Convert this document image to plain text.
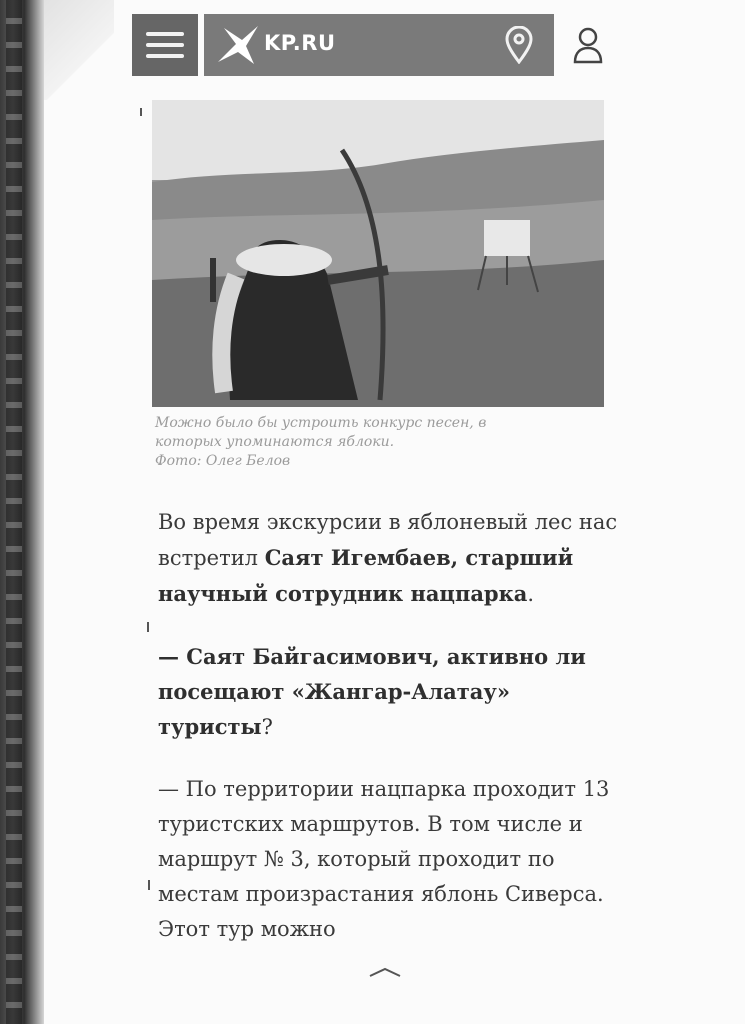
KP.RU
Можно было бы устроить конкурс песен, в
которых упоминаются яблоки.
Фото: Олег Белов

Во время экскурсии в яблоневый лес нас встретил Саят Игембаев, старший научный сотрудник нацпарка.

— Саят Байгасимович, активно ли посещают «Жангар-Алатау» туристы?

— По территории нацпарка проходит 13 туристских маршрутов. В том числе и маршрут № 3, который проходит по местам произрастания яблонь Сиверса. Этот тур можно
